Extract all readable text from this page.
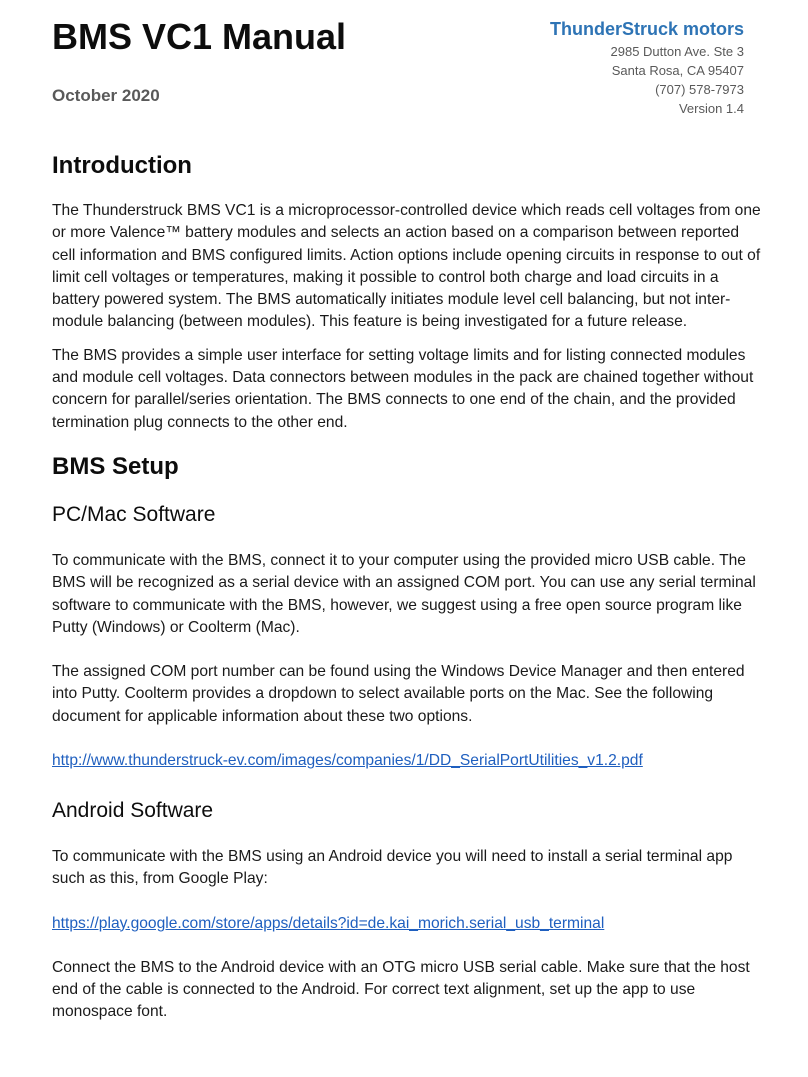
BMS VC1 Manual
October 2020
ThunderStruck motors
2985 Dutton Ave. Ste 3
Santa Rosa, CA 95407
(707) 578-7973
Version 1.4
Introduction

The Thunderstruck BMS VC1 is a microprocessor-controlled device which reads cell voltages from one or more Valence™ battery modules and selects an action based on a comparison between reported cell information and BMS configured limits. Action options include opening circuits in response to out of limit cell voltages or temperatures, making it possible to control both charge and load circuits in a battery powered system. The BMS automatically initiates module level cell balancing, but not inter-module balancing (between modules). This feature is being investigated for a future release.

The BMS provides a simple user interface for setting voltage limits and for listing connected modules and module cell voltages. Data connectors between modules in the pack are chained together without concern for parallel/series orientation. The BMS connects to one end of the chain, and the provided termination plug connects to the other end.

BMS Setup
PC/Mac Software

To communicate with the BMS, connect it to your computer using the provided micro USB cable. The BMS will be recognized as a serial device with an assigned COM port. You can use any serial terminal software to communicate with the BMS, however, we suggest using a free open source program like Putty (Windows) or Coolterm (Mac).

The assigned COM port number can be found using the Windows Device Manager and then entered into Putty. Coolterm provides a dropdown to select available ports on the Mac. See the following document for applicable information about these two options.

http://www.thunderstruck-ev.com/images/companies/1/DD_SerialPortUtilities_v1.2.pdf
Android Software

To communicate with the BMS using an Android device you will need to install a serial terminal app such as this, from Google Play:

https://play.google.com/store/apps/details?id=de.kai_morich.serial_usb_terminal

Connect the BMS to the Android device with an OTG micro USB serial cable. Make sure that the host end of the cable is connected to the Android. For correct text alignment, set up the app to use monospace font.
